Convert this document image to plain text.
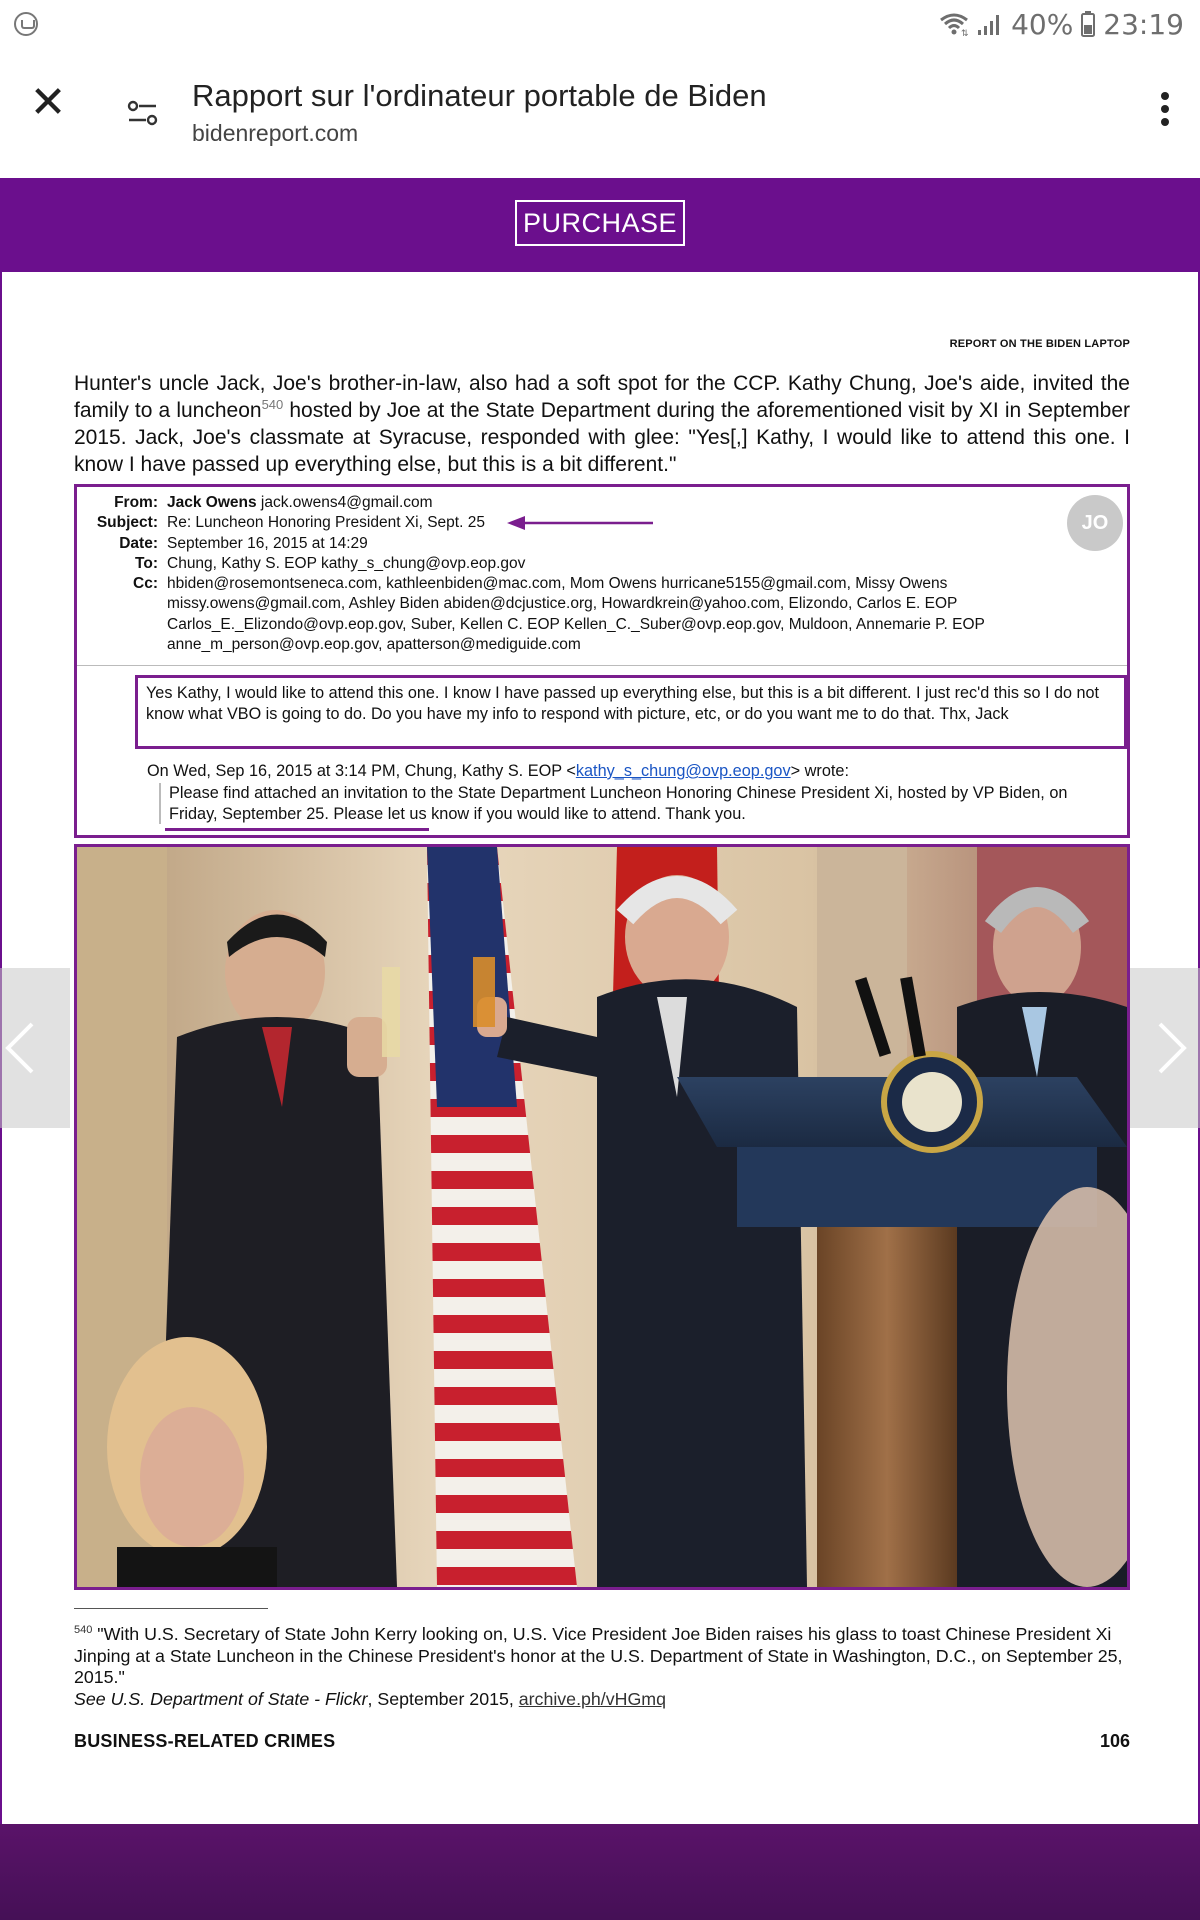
⇅ 40% 23:19
✕	Rapport sur l'ordinateur portable de Biden
bidenreport.com
PURCHASE
REPORT ON THE BIDEN LAPTOP

Hunter's uncle Jack, Joe's brother-in-law, also had a soft spot for the CCP. Kathy Chung, Joe's aide, invited the family to a luncheon$^{540}$ hosted by Joe at the State Department during the aforementioned visit by XI in September 2015. Jack, Joe's classmate at Syracuse, responded with glee: "Yes[,] Kathy, I would like to attend this one. I know I have passed up everything else, but this is a bit different."

From: Jack Owens jack.owens4@gmail.com
Subject: Re: Luncheon Honoring President Xi, Sept. 25
Date: September 16, 2015 at 14:29
To: Chung, Kathy S. EOP kathy_s_chung@ovp.eop.gov
Cc: hbiden@rosemontseneca.com, kathleenbiden@mac.com, Mom Owens hurricane5155@gmail.com, Missy Owens
missy.owens@gmail.com, Ashley Biden abiden@dcjustice.org, Howardkrein@yahoo.com, Elizondo, Carlos E. EOP
Carlos_E._Elizondo@ovp.eop.gov, Suber, Kellen C. EOP Kellen_C._Suber@ovp.eop.gov, Muldoon, Annemarie P. EOP
anne_m_person@ovp.eop.gov, apatterson@mediguide.com
JO
Yes Kathy, I would like to attend this one. I know I have passed up everything else, but this is a bit different. I just rec'd this so I do not know what VBO is going to do. Do you have my info to respond with picture, etc, or do you want me to do that. Thx, Jack
On Wed, Sep 16, 2015 at 3:14 PM, Chung, Kathy S. EOP <kathy_s_chung@ovp.eop.gov> wrote:
Please find attached an invitation to the State Department Luncheon Honoring Chinese President Xi, hosted by VP Biden, on Friday, September 25. Please let us know if you would like to attend. Thank you.
$^{540}$ "With U.S. Secretary of State John Kerry looking on, U.S. Vice President Joe Biden raises his glass to toast Chinese President Xi Jinping at a State Luncheon in the Chinese President's honor at the U.S. Department of State in Washington, D.C., on September 25, 2015."
See U.S. Department of State - Flickr, September 2015, archive.ph/vHGmq
BUSINESS-RELATED CRIMES	106
